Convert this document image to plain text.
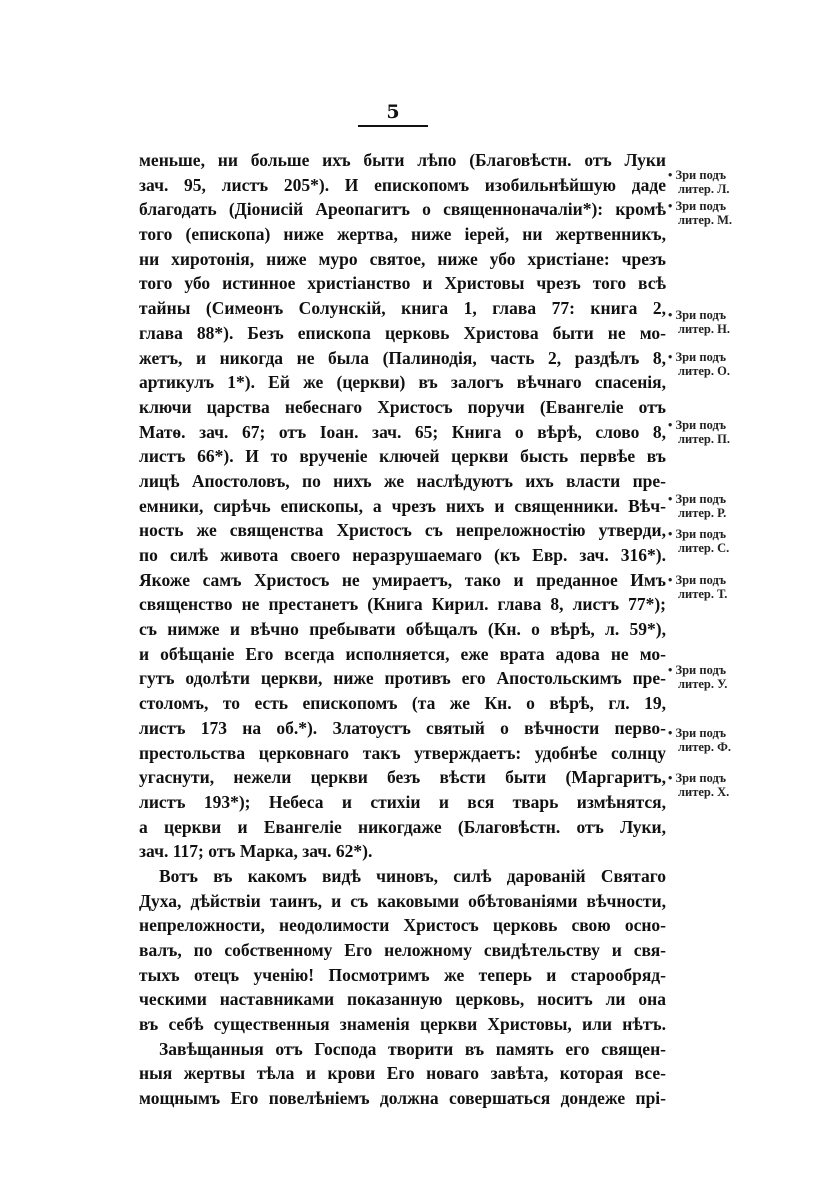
5
меньше, ни больше ихъ быти лѣпо (Благовѣстн. отъ Луки
зач. 95, листъ 205*). И епископомъ изобильнѣйшую даде
благодать (Діонисій Ареопагитъ о священноначаліи*): кромѣ
того (епископа) ниже жертва, ниже іерей, ни жертвенникъ,
ни хиротонія, ниже муро святое, ниже убо христіане: чрезъ
того убо истинное христіанство и Христовы чрезъ того всѣ
тайны (Симеонъ Солунскій, книга 1, глава 77: книга 2,
глава 88*). Безъ епископа церковь Христова быти не мо-
жетъ, и никогда не была (Палинодія, часть 2, раздѣлъ 8,
артикулъ 1*). Ей же (церкви) въ залогъ вѣчнаго спасенія,
ключи царства небеснаго Христосъ поручи (Евангеліе отъ
Матѳ. зач. 67; отъ Іоан. зач. 65; Книга о вѣрѣ, слово 8,
листъ 66*). И то врученіе ключей церкви бысть первѣе въ
лицѣ Апостоловъ, по нихъ же наслѣдуютъ ихъ власти пре-
емники, сирѣчь епископы, а чрезъ нихъ и священники. Вѣч-
ность же священства Христосъ съ непреложностію утверди,
по силѣ живота своего неразрушаемаго (къ Евр. зач. 316*).
Якоже самъ Христосъ не умираетъ, тако и преданное Имъ
священство не престанетъ (Книга Кирил. глава 8, листъ 77*);
съ нимже и вѣчно пребывати обѣщалъ (Кн. о вѣрѣ, л. 59*),
и обѣщаніе Его всегда исполняется, еже врата адова не мо-
гутъ одолѣти церкви, ниже противъ его Апостольскимъ пре-
столомъ, то есть епископомъ (та же Кн. о вѣрѣ, гл. 19,
листъ 173 на об.*). Златоустъ святый о вѣчности перво-
престольства церковнаго такъ утверждаетъ: удобнѣе солнцу
угаснути, нежели церкви безъ вѣсти быти (Маргаритъ,
листъ 193*); Небеса и стихіи и вся тварь измѣнятся,
а церкви и Евангеліе никогдаже (Благовѣстн. отъ Луки,
зач. 117; отъ Марка, зач. 62*).
Вотъ въ какомъ видѣ чиновъ, силѣ дарованій Святаго
Духа, дѣйствіи таинъ, и съ каковыми обѣтованіями вѣчности,
непреложности, неодолимости Христосъ церковь свою осно-
валъ, по собственному Его неложному свидѣтельству и свя-
тыхъ отецъ ученію! Посмотримъ же теперь и старообряд-
ческими наставниками показанную церковь, носитъ ли она
въ себѣ существенныя знаменія церкви Христовы, или нѣтъ.
Завѣщанныя отъ Господа творити въ память его священ-
ныя жертвы тѣла и крови Его новаго завѣта, которая все-
мощнымъ Его повелѣніемъ должна совершаться дондеже прі-
• Зри подъ
литер. Л.
• Зри подъ
литер. М.
• Зри подъ
литер. Н.
• Зри подъ
литер. О.
• Зри подъ
литер. П.
• Зри подъ
литер. Р.
• Зри подъ
литер. С.
• Зри подъ
литер. Т.
• Зри подъ
литер. У.
• Зри подъ
литер. Ф.
• Зри подъ
литер. Х.
